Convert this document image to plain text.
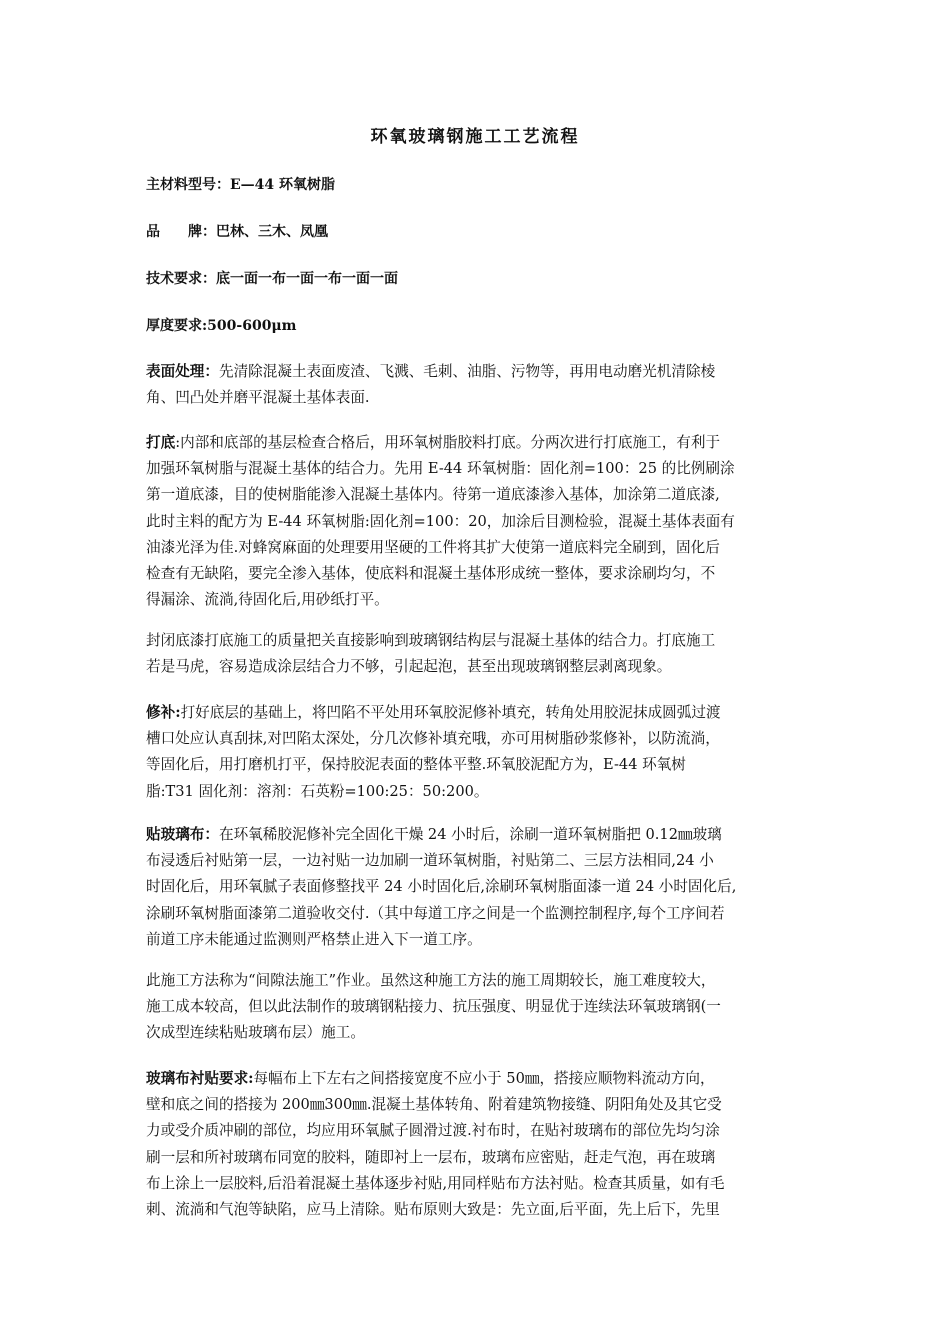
环氧玻璃钢施工工艺流程
主材料型号：E—44 环氧树脂
品　　牌：巴林、三木、凤凰
技术要求：底一面一布一面一布一面一面
厚度要求:500-600μm
表面处理：先清除混凝土表面废渣、飞溅、毛刺、油脂、污物等，再用电动磨光机清除棱
角、凹凸处并磨平混凝土基体表面.
打底:内部和底部的基层检查合格后，用环氧树脂胶料打底。分两次进行打底施工，有利于
加强环氧树脂与混凝土基体的结合力。先用 E-44 环氧树脂：固化剂=100：25 的比例刷涂
第一道底漆，目的使树脂能渗入混凝土基体内。待第一道底漆渗入基体，加涂第二道底漆,
此时主料的配方为 E-44 环氧树脂:固化剂=100：20，加涂后目测检验，混凝土基体表面有
油漆光泽为佳.对蜂窝麻面的处理要用坚硬的工件将其扩大使第一道底料完全刷到，固化后
检查有无缺陷，要完全渗入基体，使底料和混凝土基体形成统一整体，要求涂刷均匀，不
得漏涂、流淌,待固化后,用砂纸打平。
封闭底漆打底施工的质量把关直接影响到玻璃钢结构层与混凝土基体的结合力。打底施工
若是马虎，容易造成涂层结合力不够，引起起泡，甚至出现玻璃钢整层剥离现象。
修补:打好底层的基础上，将凹陷不平处用环氧胶泥修补填充，转角处用胶泥抹成圆弧过渡
槽口处应认真刮抹,对凹陷太深处，分几次修补填充哦，亦可用树脂砂浆修补，以防流淌，
等固化后，用打磨机打平，保持胶泥表面的整体平整.环氧胶泥配方为，E-44 环氧树
脂:T31 固化剂：溶剂：石英粉=100:25：50:200。
贴玻璃布：在环氧稀胶泥修补完全固化干燥 24 小时后，涂刷一道环氧树脂把 0.12㎜玻璃
布浸透后衬贴第一层，一边衬贴一边加刷一道环氧树脂，衬贴第二、三层方法相同,24 小
时固化后，用环氧腻子表面修整找平 24 小时固化后,涂刷环氧树脂面漆一道 24 小时固化后,
涂刷环氧树脂面漆第二道验收交付.（其中每道工序之间是一个监测控制程序,每个工序间若
前道工序未能通过监测则严格禁止进入下一道工序。
此施工方法称为“间隙法施工”作业。虽然这种施工方法的施工周期较长，施工难度较大，
施工成本较高，但以此法制作的玻璃钢粘接力、抗压强度、明显优于连续法环氧玻璃钢(一
次成型连续粘贴玻璃布层）施工。
玻璃布衬贴要求:每幅布上下左右之间搭接宽度不应小于 50㎜，搭接应顺物料流动方向，
壁和底之间的搭接为 200㎜300㎜.混凝土基体转角、附着建筑物接缝、阴阳角处及其它受
力或受介质冲刷的部位，均应用环氧腻子圆滑过渡.衬布时，在贴衬玻璃布的部位先均匀涂
刷一层和所衬玻璃布同宽的胶料，随即衬上一层布，玻璃布应密贴，赶走气泡，再在玻璃
布上涂上一层胶料,后沿着混凝土基体逐步衬贴,用同样贴布方法衬贴。检查其质量，如有毛
刺、流淌和气泡等缺陷，应马上清除。贴布原则大致是：先立面,后平面，先上后下，先里
